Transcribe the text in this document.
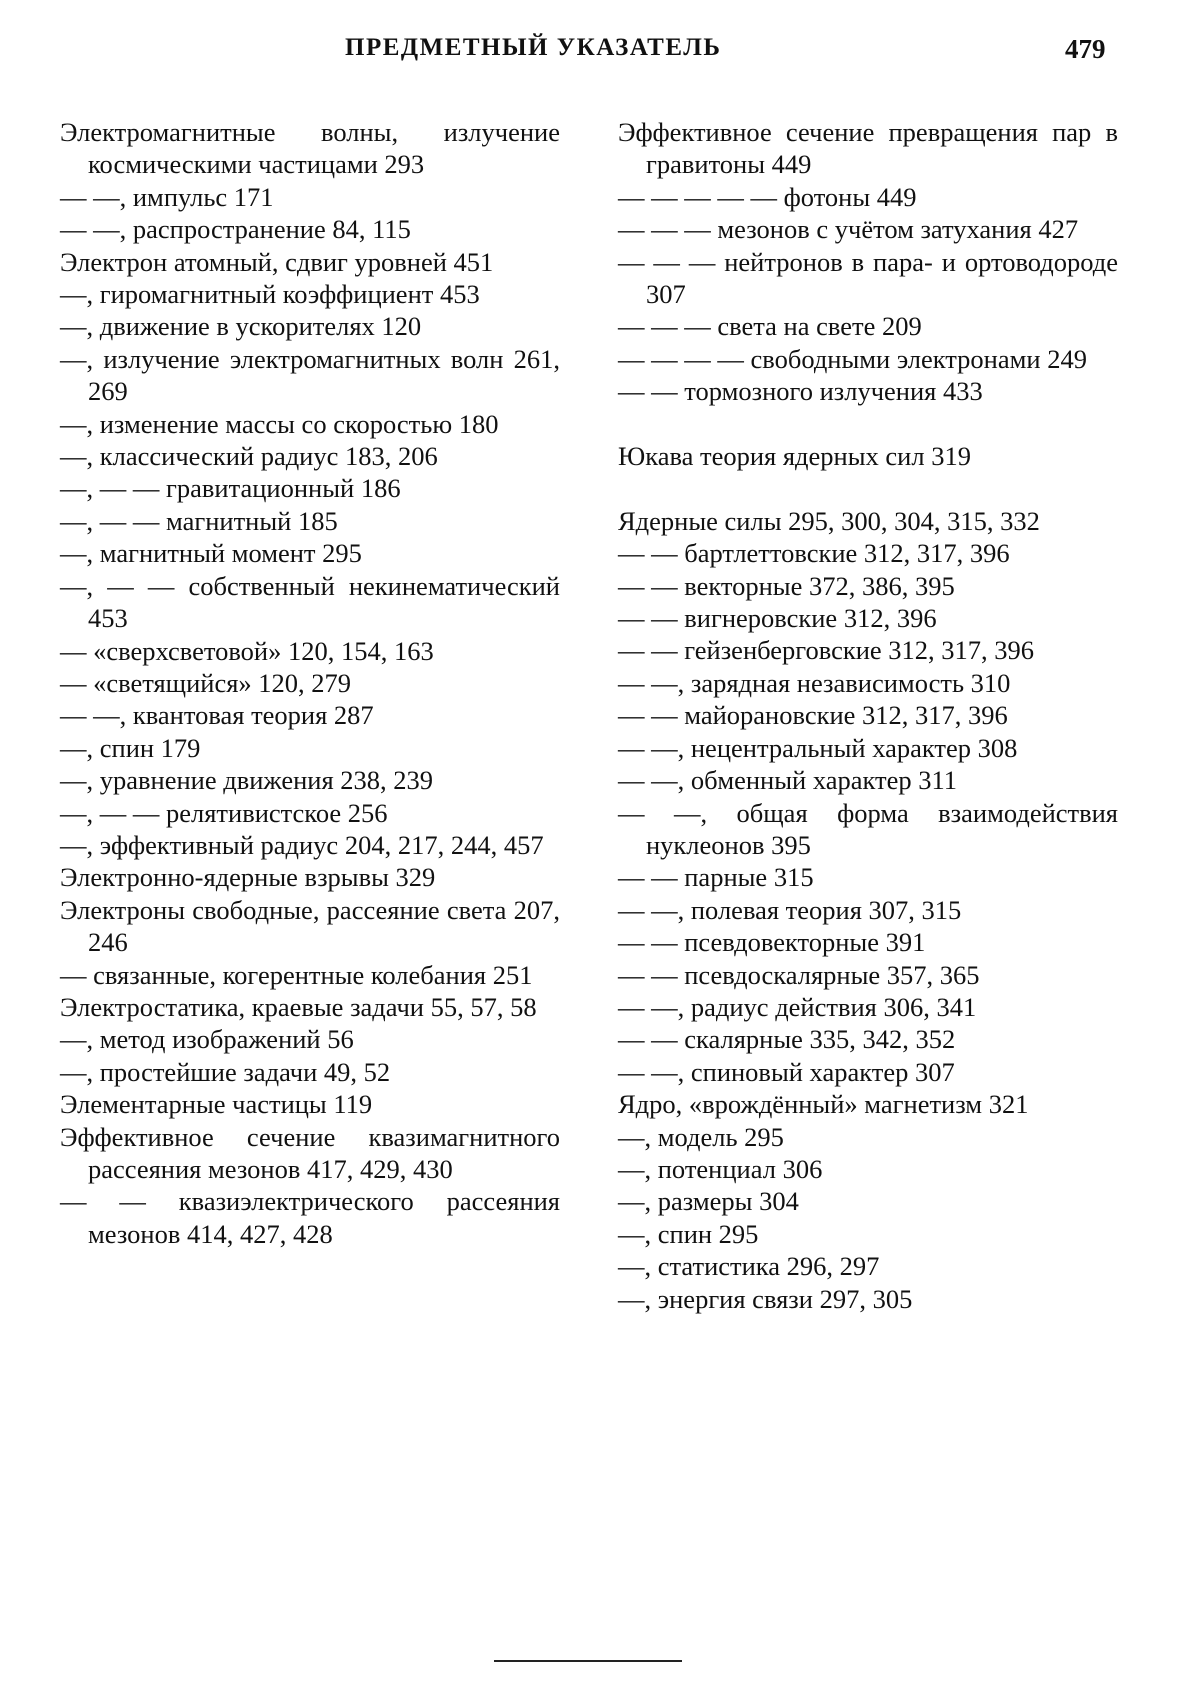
ПРЕДМЕТНЫЙ УКАЗАТЕЛЬ	479

Электромагнитные волны, излучение космическими частицами 293

— —, импульс 171

— —, распространение 84, 115

Электрон атомный, сдвиг уровней 451

—, гиромагнитный коэффициент 453

—, движение в ускорителях 120

—, излучение электромагнитных волн 261, 269

—, изменение массы со скоростью 180

—, классический радиус 183, 206

—, — — гравитационный 186

—, — — магнитный 185

—, магнитный момент 295

—, — — собственный некинематический 453

— «сверхсветовой» 120, 154, 163

— «светящийся» 120, 279

— —, квантовая теория 287

—, спин 179

—, уравнение движения 238, 239

—, — — релятивистское 256

—, эффективный радиус 204, 217, 244, 457

Электронно-ядерные взрывы 329

Электроны свободные, рассеяние света 207, 246

— связанные, когерентные колебания 251

Электростатика, краевые задачи 55, 57, 58

—, метод изображений 56

—, простейшие задачи 49, 52

Элементарные частицы 119

Эффективное сечение квазимагнитного рассеяния мезонов 417, 429, 430

— — квазиэлектрического рассеяния мезонов 414, 427, 428

Эффективное сечение превращения пар в гравитоны 449

— — — — — фотоны 449

— — — мезонов с учётом затухания 427

— — — нейтронов в пара- и ортоводороде 307

— — — света на свете 209

— — — — свободными электронами 249

— — тормозного излучения 433

Юкава теория ядерных сил 319

Ядерные силы 295, 300, 304, 315, 332

— — бартлеттовские 312, 317, 396

— — векторные 372, 386, 395

— — вигнеровские 312, 396

— — гейзенберговские 312, 317, 396

— —, зарядная независимость 310

— — майорановские 312, 317, 396

— —, нецентральный характер 308

— —, обменный характер 311

— —, общая форма взаимодействия нуклеонов 395

— — парные 315

— —, полевая теория 307, 315

— — псевдовекторные 391

— — псевдоскалярные 357, 365

— —, радиус действия 306, 341

— — скалярные 335, 342, 352

— —, спиновый характер 307

Ядро, «врождённый» магнетизм 321

—, модель 295

—, потенциал 306

—, размеры 304

—, спин 295

—, статистика 296, 297

—, энергия связи 297, 305
